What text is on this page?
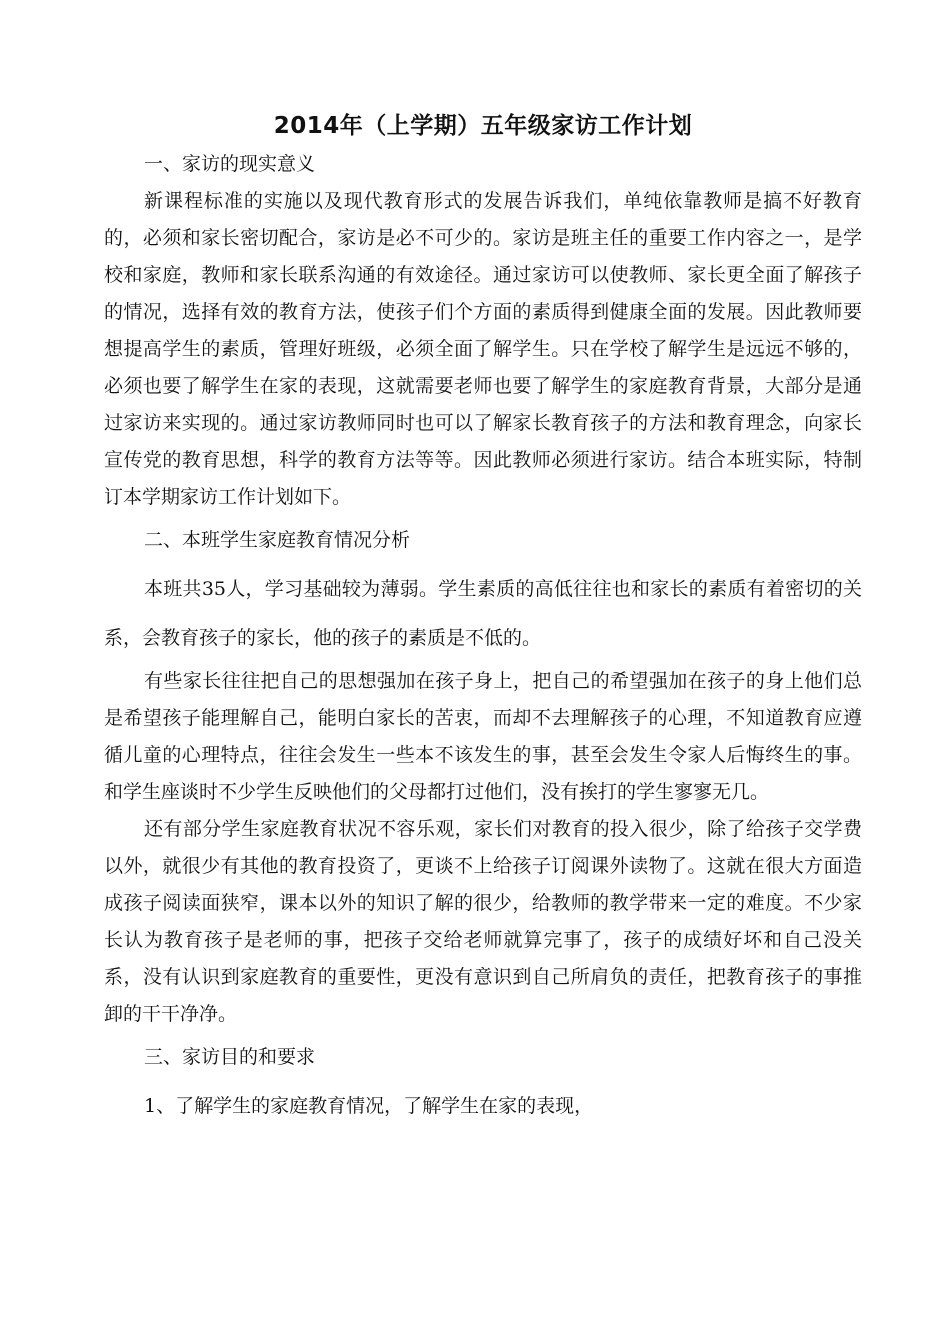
2014年（上学期）五年级家访工作计划

一、家访的现实意义

新课程标准的实施以及现代教育形式的发展告诉我们，单纯依靠教师是搞不好教育的，必须和家长密切配合，家访是必不可少的。家访是班主任的重要工作内容之一，是学校和家庭，教师和家长联系沟通的有效途径。通过家访可以使教师、家长更全面了解孩子的情况，选择有效的教育方法，使孩子们个方面的素质得到健康全面的发展。因此教师要想提高学生的素质，管理好班级，必须全面了解学生。只在学校了解学生是远远不够的，必须也要了解学生在家的表现，这就需要老师也要了解学生的家庭教育背景，大部分是通过家访来实现的。通过家访教师同时也可以了解家长教育孩子的方法和教育理念，向家长宣传党的教育思想，科学的教育方法等等。因此教师必须进行家访。结合本班实际，特制订本学期家访工作计划如下。

二、本班学生家庭教育情况分析

本班共35人，学习基础较为薄弱。学生素质的高低往往也和家长的素质有着密切的关系，会教育孩子的家长，他的孩子的素质是不低的。

有些家长往往把自己的思想强加在孩子身上，把自己的希望强加在孩子的身上他们总是希望孩子能理解自己，能明白家长的苦衷，而却不去理解孩子的心理，不知道教育应遵循儿童的心理特点，往往会发生一些本不该发生的事，甚至会发生令家人后悔终生的事。和学生座谈时不少学生反映他们的父母都打过他们，没有挨打的学生寥寥无几。

还有部分学生家庭教育状况不容乐观，家长们对教育的投入很少，除了给孩子交学费以外，就很少有其他的教育投资了，更谈不上给孩子订阅课外读物了。这就在很大方面造成孩子阅读面狭窄，课本以外的知识了解的很少，给教师的教学带来一定的难度。不少家长认为教育孩子是老师的事，把孩子交给老师就算完事了，孩子的成绩好坏和自己没关系，没有认识到家庭教育的重要性，更没有意识到自己所肩负的责任，把教育孩子的事推卸的干干净净。

三、家访目的和要求

1、了解学生的家庭教育情况，了解学生在家的表现，
